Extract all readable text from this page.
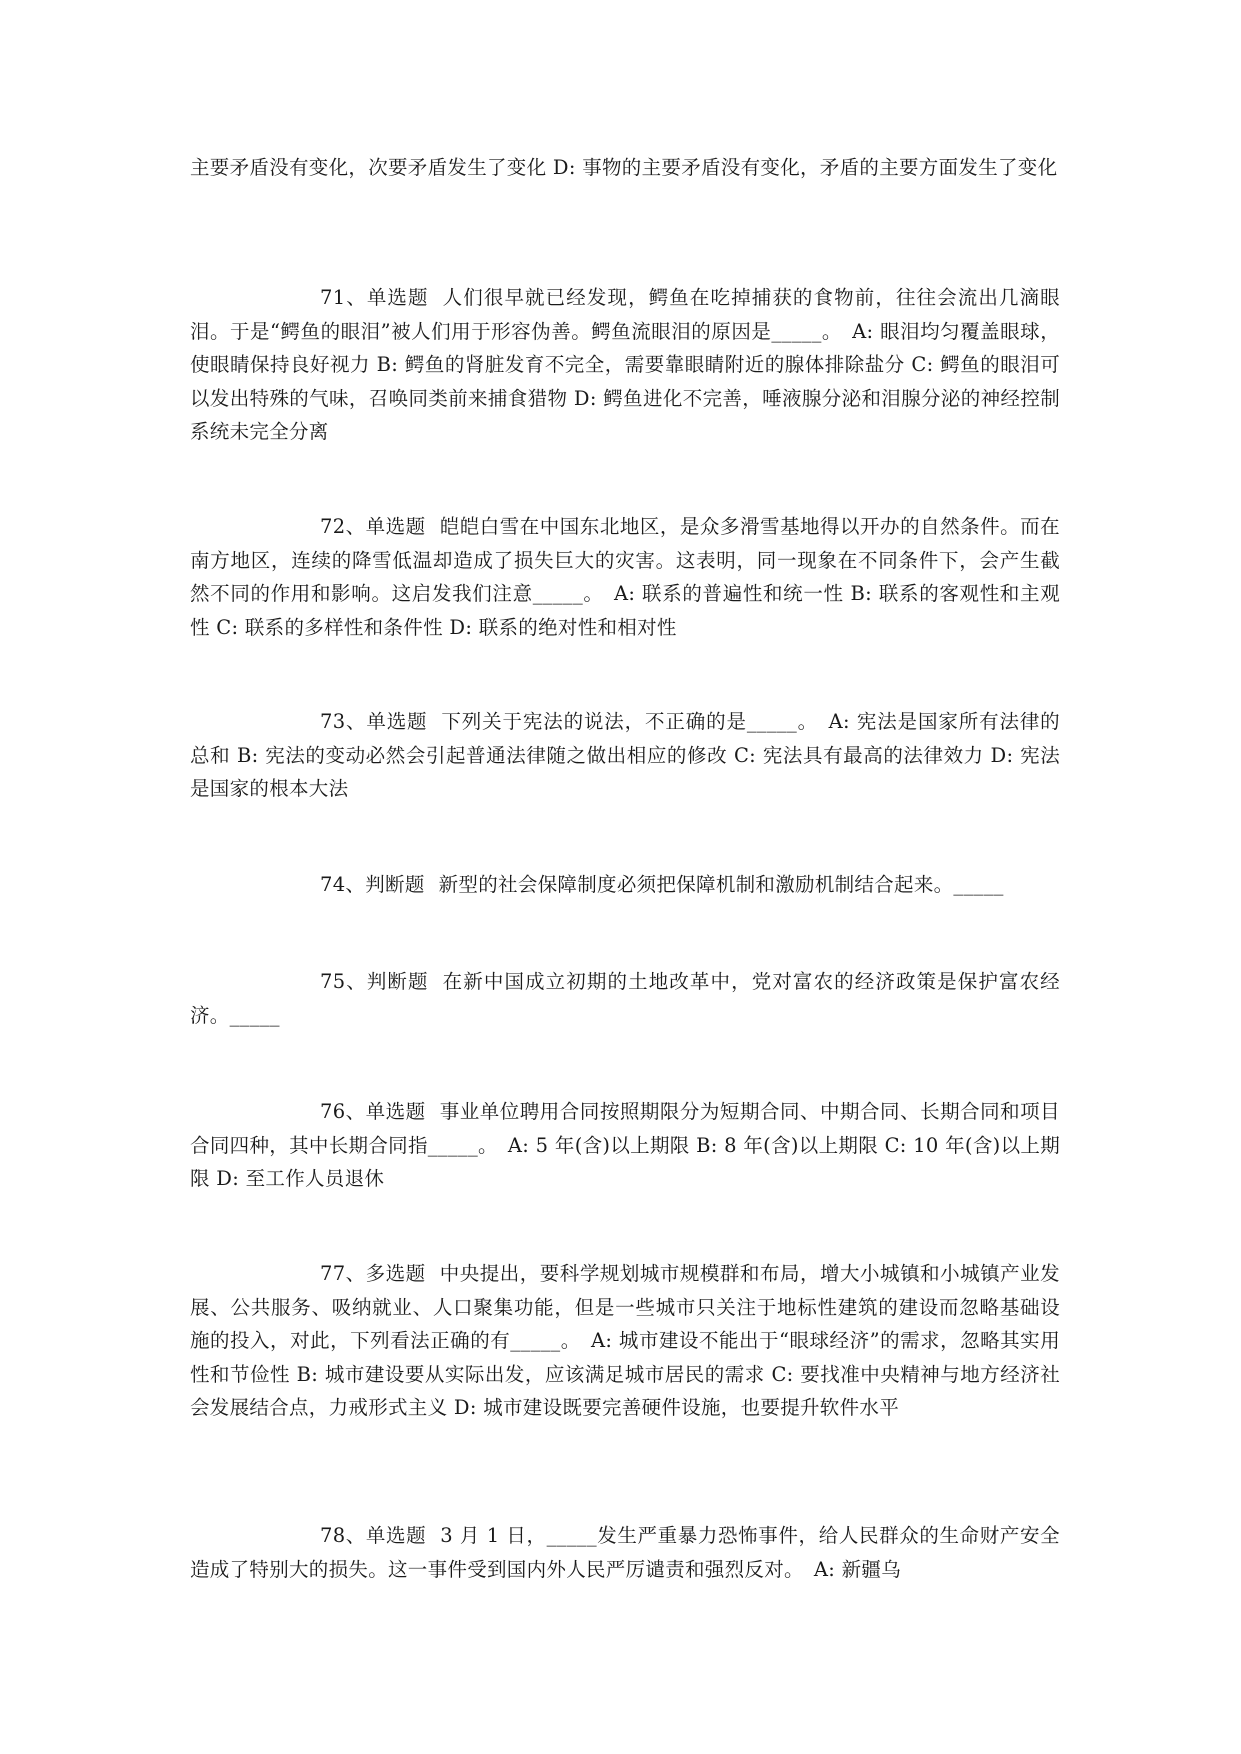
主要矛盾没有变化，次要矛盾发生了变化 D: 事物的主要矛盾没有变化，矛盾的主要方面发生了变化

71、单选题 人们很早就已经发现，鳄鱼在吃掉捕获的食物前，往往会流出几滴眼泪。于是“鳄鱼的眼泪”被人们用于形容伪善。鳄鱼流眼泪的原因是_____。　A: 眼泪均匀覆盖眼球，使眼睛保持良好视力 B: 鳄鱼的肾脏发育不完全，需要靠眼睛附近的腺体排除盐分 C: 鳄鱼的眼泪可以发出特殊的气味，召唤同类前来捕食猎物 D: 鳄鱼进化不完善，唾液腺分泌和泪腺分泌的神经控制系统未完全分离

72、单选题 皑皑白雪在中国东北地区，是众多滑雪基地得以开办的自然条件。而在南方地区，连续的降雪低温却造成了损失巨大的灾害。这表明，同一现象在不同条件下，会产生截然不同的作用和影响。这启发我们注意_____。　A: 联系的普遍性和统一性 B: 联系的客观性和主观性 C: 联系的多样性和条件性 D: 联系的绝对性和相对性

73、单选题 下列关于宪法的说法，不正确的是_____。　A: 宪法是国家所有法律的总和 B: 宪法的变动必然会引起普通法律随之做出相应的修改 C: 宪法具有最高的法律效力 D: 宪法是国家的根本大法

74、判断题 新型的社会保障制度必须把保障机制和激励机制结合起来。_____

75、判断题 在新中国成立初期的土地改革中，党对富农的经济政策是保护富农经济。_____

76、单选题 事业单位聘用合同按照期限分为短期合同、中期合同、长期合同和项目合同四种，其中长期合同指_____。　A: 5 年(含)以上期限 B: 8 年(含)以上期限 C: 10 年(含)以上期限 D: 至工作人员退休

77、多选题 中央提出，要科学规划城市规模群和布局，增大小城镇和小城镇产业发展、公共服务、吸纳就业、人口聚集功能，但是一些城市只关注于地标性建筑的建设而忽略基础设施的投入，对此，下列看法正确的有_____。　A: 城市建设不能出于“眼球经济”的需求，忽略其实用性和节俭性 B: 城市建设要从实际出发，应该满足城市居民的需求 C: 要找准中央精神与地方经济社会发展结合点，力戒形式主义 D: 城市建设既要完善硬件设施，也要提升软件水平

78、单选题 3 月 1 日，_____发生严重暴力恐怖事件，给人民群众的生命财产安全造成了特别大的损失。这一事件受到国内外人民严厉谴责和强烈反对。　A: 新疆乌
